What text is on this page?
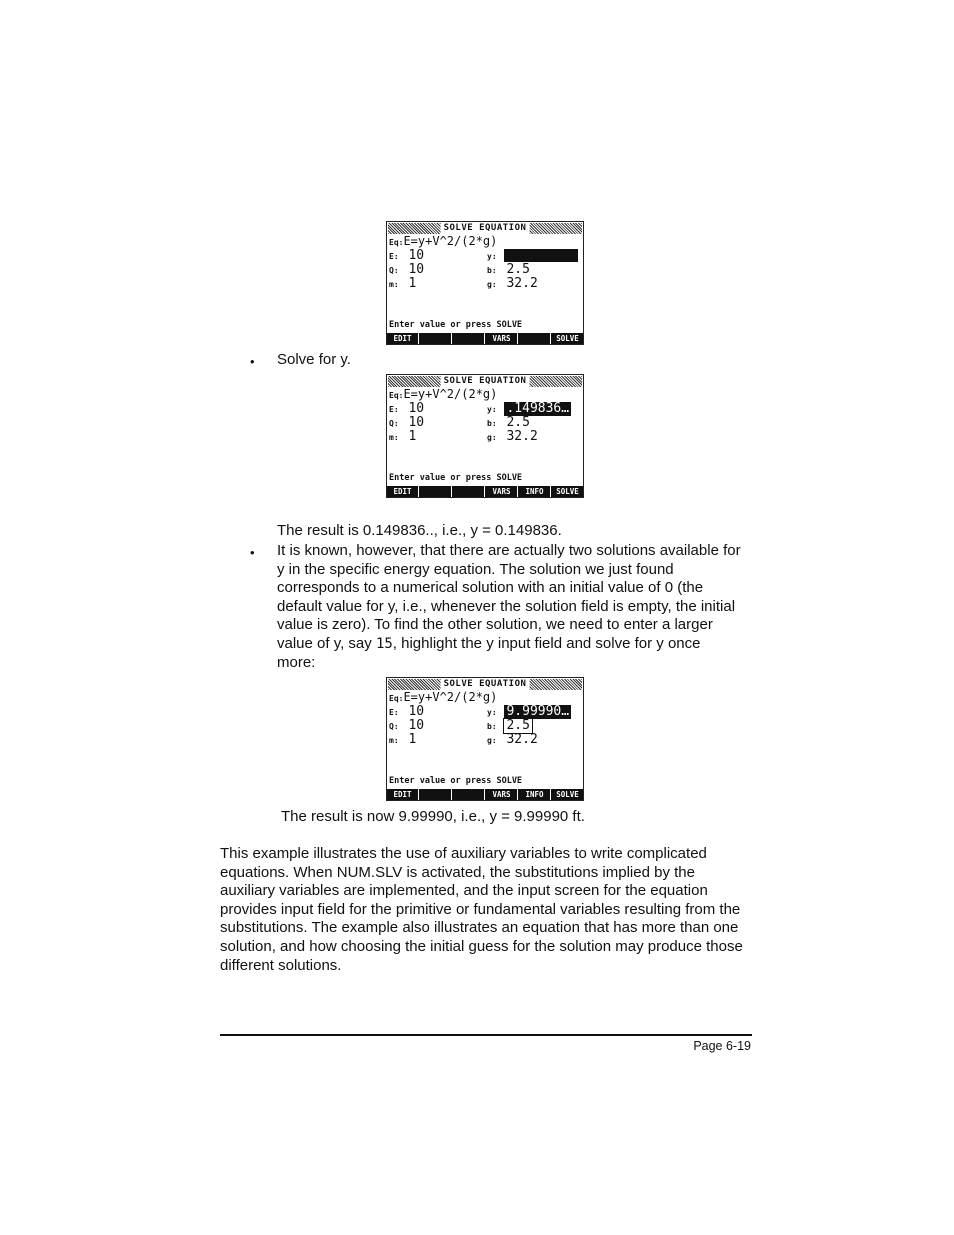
SOLVE EQUATION
Eq:E=y+V^2/(2*g)
E: 10
Q: 10
m: 1
y:
b: 2.5
g: 32.2
Enter value or press SOLVE
EDIT	VARS	SOLVE
• Solve for y.
SOLVE EQUATION
Eq:E=y+V^2/(2*g)
E: 10
Q: 10
m: 1
y: .149836…
b: 2.5
g: 32.2
Enter value or press SOLVE
EDIT	VARS	INFO	SOLVE
The result is 0.149836.., i.e., y = 0.149836.
• It is known, however, that there are actually two solutions available for
y in the specific energy equation. The solution we just found
corresponds to a numerical solution with an initial value of 0 (the
default value for y, i.e., whenever the solution field is empty, the initial
value is zero). To find the other solution, we need to enter a larger
value of y, say 15, highlight the y input field and solve for y once
more:
SOLVE EQUATION
Eq:E=y+V^2/(2*g)
E: 10
Q: 10
m: 1
y: 9.99990…
b: 2.5
g: 32.2
Enter value or press SOLVE
EDIT	VARS	INFO	SOLVE
The result is now 9.99990, i.e., y = 9.99990 ft.
This example illustrates the use of auxiliary variables to write complicated
equations. When NUM.SLV is activated, the substitutions implied by the
auxiliary variables are implemented, and the input screen for the equation
provides input field for the primitive or fundamental variables resulting from the
substitutions. The example also illustrates an equation that has more than one
solution, and how choosing the initial guess for the solution may produce those
different solutions.
Page 6-19
